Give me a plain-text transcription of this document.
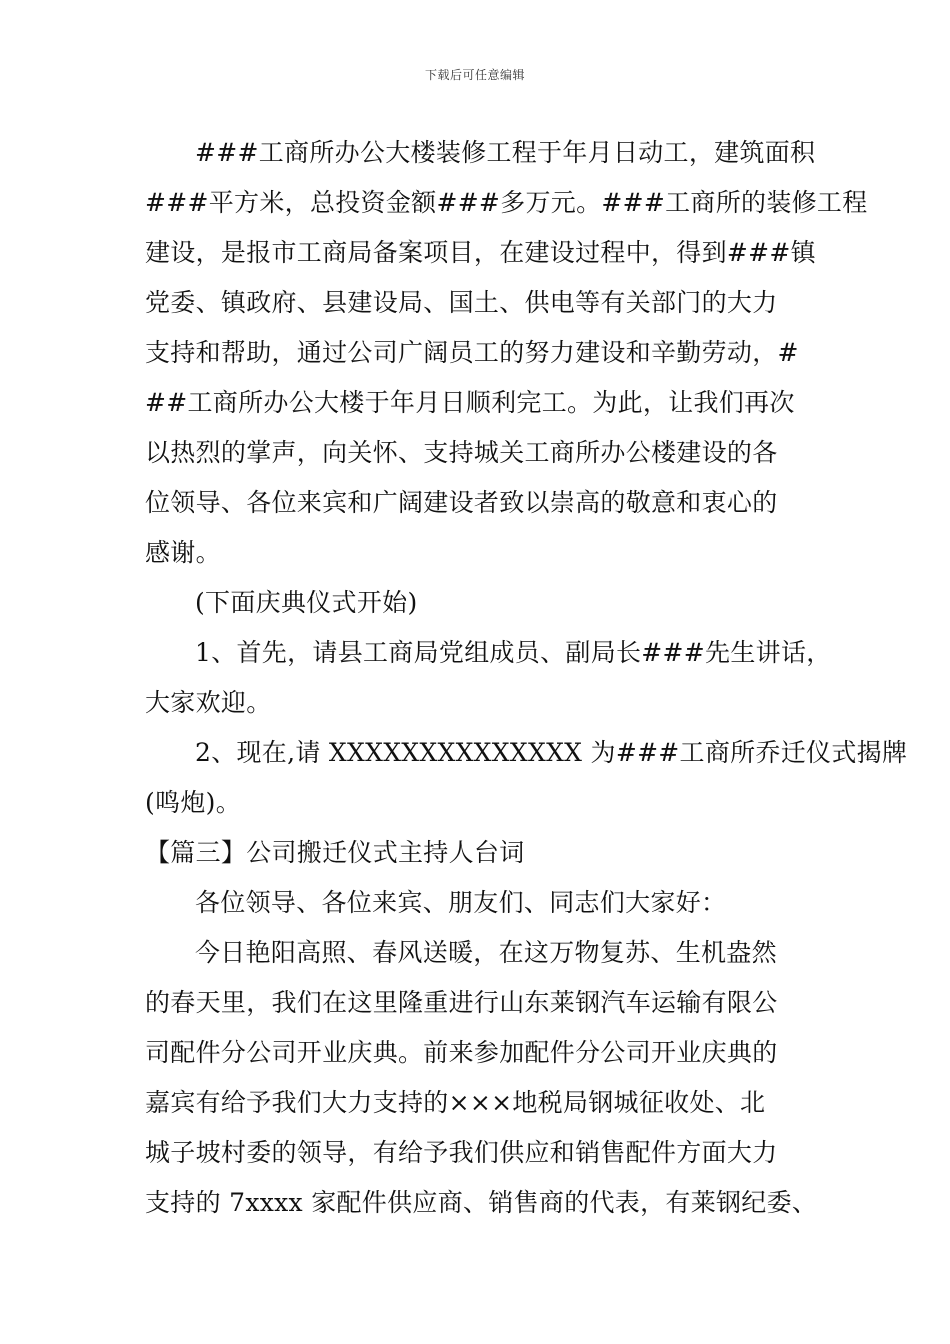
下载后可任意编辑
###工商所办公大楼装修工程于年月日动工，建筑面积
###平方米，总投资金额###多万元。###工商所的装修工程
建设，是报市工商局备案项目，在建设过程中，得到###镇
党委、镇政府、县建设局、国土、供电等有关部门的大力
支持和帮助，通过公司广阔员工的努力建设和辛勤劳动，#
##工商所办公大楼于年月日顺利完工。为此，让我们再次
以热烈的掌声，向关怀、支持城关工商所办公楼建设的各
位领导、各位来宾和广阔建设者致以崇高的敬意和衷心的
感谢。
(下面庆典仪式开始)
1、首先，请县工商局党组成员、副局长###先生讲话，
大家欢迎。
2、现在,请 XXXXXXXXXXXXXX 为###工商所乔迁仪式揭牌
(鸣炮)。
【篇三】公司搬迁仪式主持人台词
各位领导、各位来宾、朋友们、同志们大家好：
今日艳阳高照、春风送暖，在这万物复苏、生机盎然
的春天里，我们在这里隆重进行山东莱钢汽车运输有限公
司配件分公司开业庆典。前来参加配件分公司开业庆典的
嘉宾有给予我们大力支持的×××地税局钢城征收处、北
城子坡村委的领导，有给予我们供应和销售配件方面大力
支持的 7xxxx 家配件供应商、销售商的代表，有莱钢纪委、
